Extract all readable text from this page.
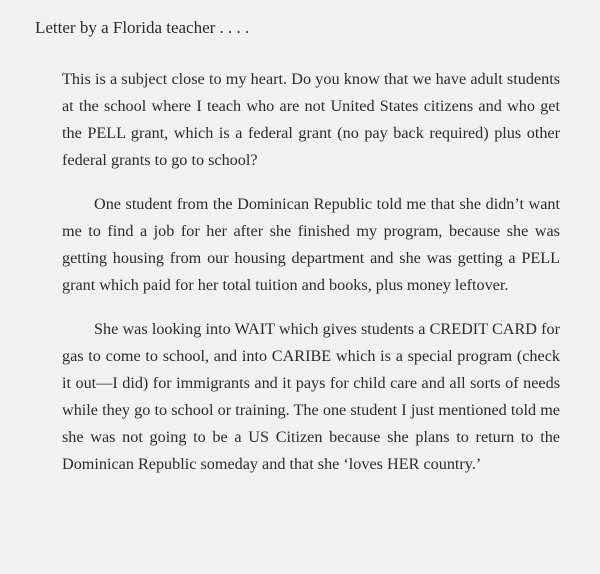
Letter by a Florida teacher . . . .

This is a subject close to my heart. Do you know that we have adult students at the school where I teach who are not United States citizens and who get the PELL grant, which is a federal grant (no pay back required) plus other federal grants to go to school?

One student from the Dominican Republic told me that she didn’t want me to find a job for her after she finished my program, because she was getting housing from our housing department and she was getting a PELL grant which paid for her total tuition and books, plus money leftover.

She was looking into WAIT which gives students a CREDIT CARD for gas to come to school, and into CARIBE which is a special program (check it out—I did) for immigrants and it pays for child care and all sorts of needs while they go to school or training. The one student I just mentioned told me she was not going to be a US Citizen because she plans to return to the Dominican Republic someday and that she ‘loves HER country.’
